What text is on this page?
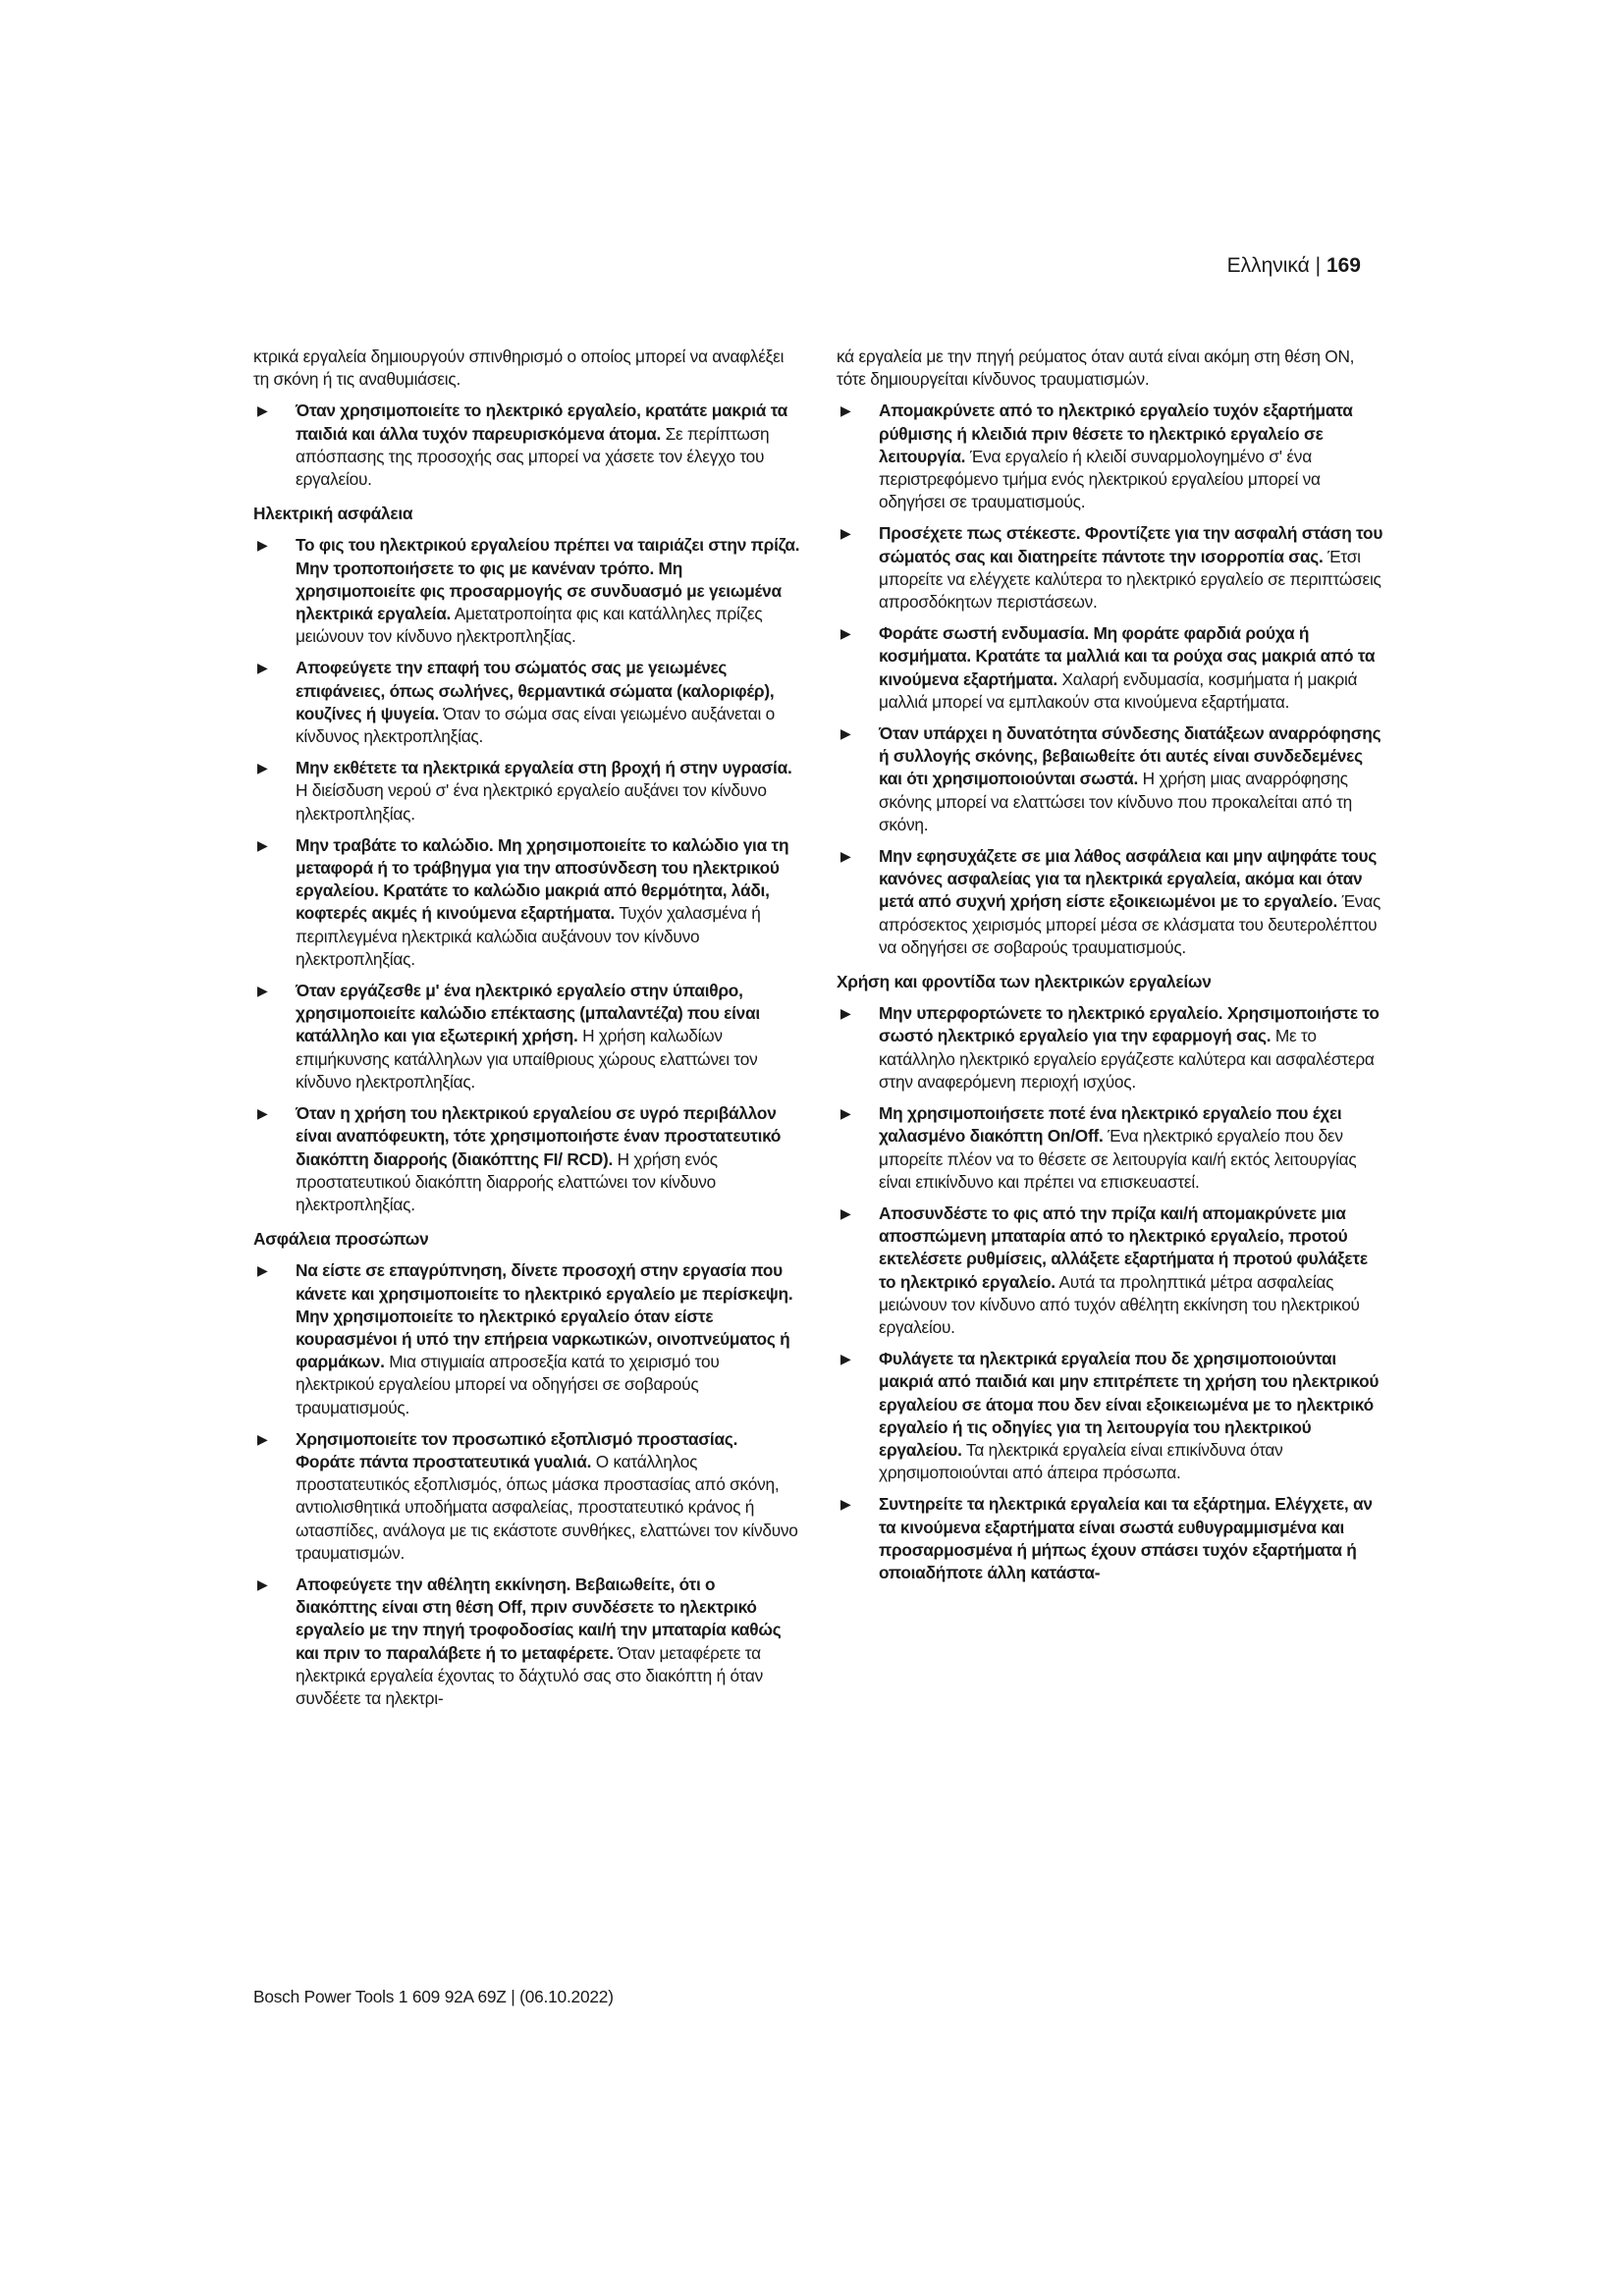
Ελληνικά | 169

κτρικά εργαλεία δημιουργούν σπινθηρισμό ο οποίος μπορεί να αναφλέξει τη σκόνη ή τις αναθυμιάσεις.

▶ Όταν χρησιμοποιείτε το ηλεκτρικό εργαλείο, κρατάτε μακριά τα παιδιά και άλλα τυχόν παρευρισκόμενα άτομα. Σε περίπτωση απόσπασης της προσοχής σας μπορεί να χάσετε τον έλεγχο του εργαλείου.

Ηλεκτρική ασφάλεια

▶ Το φις του ηλεκτρικού εργαλείου πρέπει να ταιριάζει στην πρίζα. Μην τροποποιήσετε το φις με κανέναν τρόπο. Μη χρησιμοποιείτε φις προσαρμογής σε συνδυασμό με γειωμένα ηλεκτρικά εργαλεία. Αμετατροποίητα φις και κατάλληλες πρίζες μειώνουν τον κίνδυνο ηλεκτροπληξίας.
▶ Αποφεύγετε την επαφή του σώματός σας με γειωμένες επιφάνειες, όπως σωλήνες, θερμαντικά σώματα (καλοριφέρ), κουζίνες ή ψυγεία. Όταν το σώμα σας είναι γειωμένο αυξάνεται ο κίνδυνος ηλεκτροπληξίας.
▶ Μην εκθέτετε τα ηλεκτρικά εργαλεία στη βροχή ή στην υγρασία. Η διείσδυση νερού σ' ένα ηλεκτρικό εργαλείο αυξάνει τον κίνδυνο ηλεκτροπληξίας.
▶ Μην τραβάτε το καλώδιο. Μη χρησιμοποιείτε το καλώδιο για τη μεταφορά ή το τράβηγμα για την αποσύνδεση του ηλεκτρικού εργαλείου. Κρατάτε το καλώδιο μακριά από θερμότητα, λάδι, κοφτερές ακμές ή κινούμενα εξαρτήματα. Τυχόν χαλασμένα ή περιπλεγμένα ηλεκτρικά καλώδια αυξάνουν τον κίνδυνο ηλεκτροπληξίας.
▶ Όταν εργάζεσθε μ' ένα ηλεκτρικό εργαλείο στην ύπαιθρο, χρησιμοποιείτε καλώδιο επέκτασης (μπαλαντέζα) που είναι κατάλληλο και για εξωτερική χρήση. Η χρήση καλωδίων επιμήκυνσης κατάλληλων για υπαίθριους χώρους ελαττώνει τον κίνδυνο ηλεκτροπληξίας.
▶ Όταν η χρήση του ηλεκτρικού εργαλείου σε υγρό περιβάλλον είναι αναπόφευκτη, τότε χρησιμοποιήστε έναν προστατευτικό διακόπτη διαρροής (διακόπτης FI/ RCD). Η χρήση ενός προστατευτικού διακόπτη διαρροής ελαττώνει τον κίνδυνο ηλεκτροπληξίας.

Ασφάλεια προσώπων

▶ Να είστε σε επαγρύπνηση, δίνετε προσοχή στην εργασία που κάνετε και χρησιμοποιείτε το ηλεκτρικό εργαλείο με περίσκεψη. Μην χρησιμοποιείτε το ηλεκτρικό εργαλείο όταν είστε κουρασμένοι ή υπό την επήρεια ναρκωτικών, οινοπνεύματος ή φαρμάκων. Μια στιγμιαία απροσεξία κατά το χειρισμό του ηλεκτρικού εργαλείου μπορεί να οδηγήσει σε σοβαρούς τραυματισμούς.
▶ Χρησιμοποιείτε τον προσωπικό εξοπλισμό προστασίας. Φοράτε πάντα προστατευτικά γυαλιά. Ο κατάλληλος προστατευτικός εξοπλισμός, όπως μάσκα προστασίας από σκόνη, αντιολισθητικά υποδήματα ασφαλείας, προστατευτικό κράνος ή ωτασπίδες, ανάλογα με τις εκάστοτε συνθήκες, ελαττώνει τον κίνδυνο τραυματισμών.
▶ Αποφεύγετε την αθέλητη εκκίνηση. Βεβαιωθείτε, ότι ο διακόπτης είναι στη θέση Off, πριν συνδέσετε το ηλεκτρικό εργαλείο με την πηγή τροφοδοσίας και/ή την μπαταρία καθώς και πριν το παραλάβετε ή το μεταφέρετε. Όταν μεταφέρετε τα ηλεκτρικά εργαλεία έχοντας το δάχτυλό σας στο διακόπτη ή όταν συνδέετε τα ηλεκτρι-

κά εργαλεία με την πηγή ρεύματος όταν αυτά είναι ακόμη στη θέση ON, τότε δημιουργείται κίνδυνος τραυματισμών.

▶ Απομακρύνετε από το ηλεκτρικό εργαλείο τυχόν εξαρτήματα ρύθμισης ή κλειδιά πριν θέσετε το ηλεκτρικό εργαλείο σε λειτουργία. Ένα εργαλείο ή κλειδί συναρμολογημένο σ' ένα περιστρεφόμενο τμήμα ενός ηλεκτρικού εργαλείου μπορεί να οδηγήσει σε τραυματισμούς.
▶ Προσέχετε πως στέκεστε. Φροντίζετε για την ασφαλή στάση του σώματός σας και διατηρείτε πάντοτε την ισορροπία σας. Έτσι μπορείτε να ελέγχετε καλύτερα το ηλεκτρικό εργαλείο σε περιπτώσεις απροσδόκητων περιστάσεων.
▶ Φοράτε σωστή ενδυμασία. Μη φοράτε φαρδιά ρούχα ή κοσμήματα. Κρατάτε τα μαλλιά και τα ρούχα σας μακριά από τα κινούμενα εξαρτήματα. Χαλαρή ενδυμασία, κοσμήματα ή μακριά μαλλιά μπορεί να εμπλακούν στα κινούμενα εξαρτήματα.
▶ Όταν υπάρχει η δυνατότητα σύνδεσης διατάξεων αναρρόφησης ή συλλογής σκόνης, βεβαιωθείτε ότι αυτές είναι συνδεδεμένες και ότι χρησιμοποιούνται σωστά. Η χρήση μιας αναρρόφησης σκόνης μπορεί να ελαττώσει τον κίνδυνο που προκαλείται από τη σκόνη.
▶ Μην εφησυχάζετε σε μια λάθος ασφάλεια και μην αψηφάτε τους κανόνες ασφαλείας για τα ηλεκτρικά εργαλεία, ακόμα και όταν μετά από συχνή χρήση είστε εξοικειωμένοι με το εργαλείο. Ένας απρόσεκτος χειρισμός μπορεί μέσα σε κλάσματα του δευτερολέπτου να οδηγήσει σε σοβαρούς τραυματισμούς.

Χρήση και φροντίδα των ηλεκτρικών εργαλείων

▶ Μην υπερφορτώνετε το ηλεκτρικό εργαλείο. Χρησιμοποιήστε το σωστό ηλεκτρικό εργαλείο για την εφαρμογή σας. Με το κατάλληλο ηλεκτρικό εργαλείο εργάζεστε καλύτερα και ασφαλέστερα στην αναφερόμενη περιοχή ισχύος.
▶ Μη χρησιμοποιήσετε ποτέ ένα ηλεκτρικό εργαλείο που έχει χαλασμένο διακόπτη On/Off. Ένα ηλεκτρικό εργαλείο που δεν μπορείτε πλέον να το θέσετε σε λειτουργία και/ή εκτός λειτουργίας είναι επικίνδυνο και πρέπει να επισκευαστεί.
▶ Αποσυνδέστε το φις από την πρίζα και/ή απομακρύνετε μια αποσπώμενη μπαταρία από το ηλεκτρικό εργαλείο, προτού εκτελέσετε ρυθμίσεις, αλλάξετε εξαρτήματα ή προτού φυλάξετε το ηλεκτρικό εργαλείο. Αυτά τα προληπτικά μέτρα ασφαλείας μειώνουν τον κίνδυνο από τυχόν αθέλητη εκκίνηση του ηλεκτρικού εργαλείου.
▶ Φυλάγετε τα ηλεκτρικά εργαλεία που δε χρησιμοποιούνται μακριά από παιδιά και μην επιτρέπετε τη χρήση του ηλεκτρικού εργαλείου σε άτομα που δεν είναι εξοικειωμένα με το ηλεκτρικό εργαλείο ή τις οδηγίες για τη λειτουργία του ηλεκτρικού εργαλείου. Τα ηλεκτρικά εργαλεία είναι επικίνδυνα όταν χρησιμοποιούνται από άπειρα πρόσωπα.
▶ Συντηρείτε τα ηλεκτρικά εργαλεία και τα εξάρτημα. Ελέγχετε, αν τα κινούμενα εξαρτήματα είναι σωστά ευθυγραμμισμένα και προσαρμοσμένα ή μήπως έχουν σπάσει τυχόν εξαρτήματα ή οποιαδήποτε άλλη κατάστα-
Bosch Power Tools 1 609 92A 69Z | (06.10.2022)
